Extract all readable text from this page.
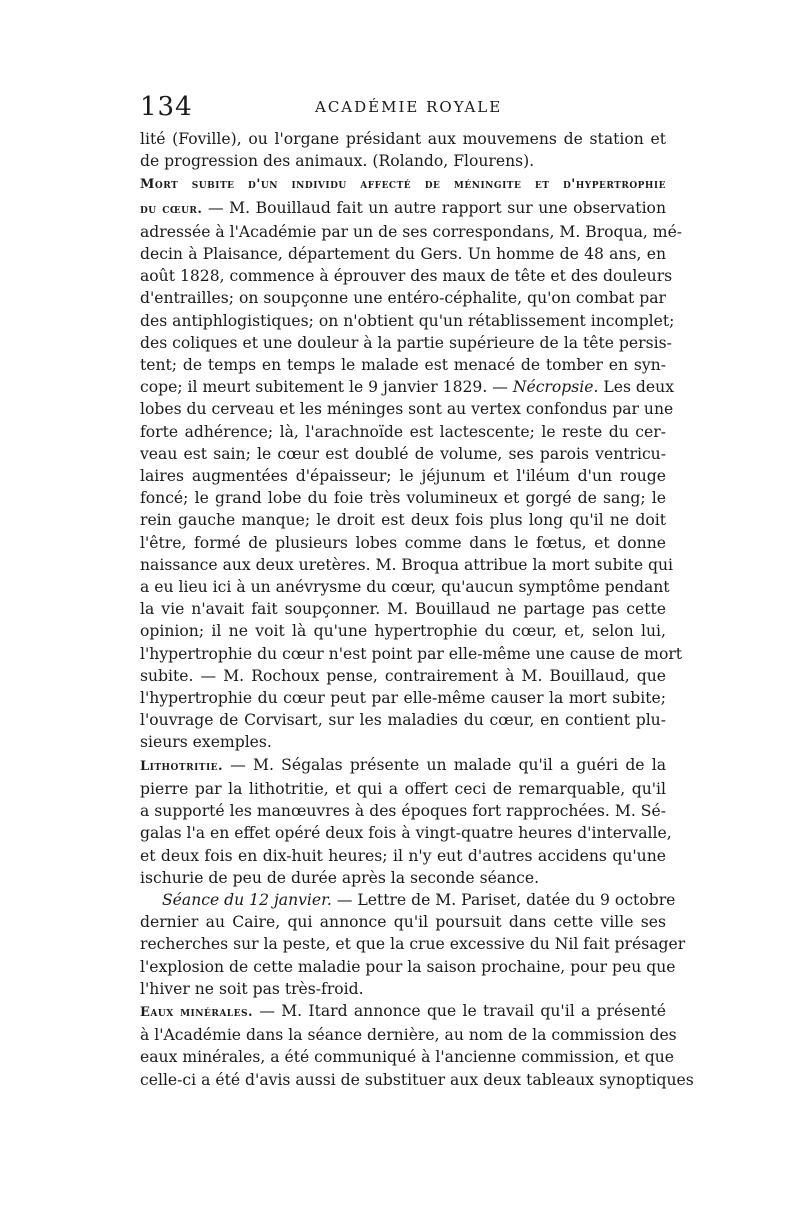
134	ACADÉMIE ROYALE
lité (Foville), ou l'organe présidant aux mouvemens de station et
de progression des animaux. (Rolando, Flourens).
Mort subite d'un individu affecté de méningite et d'hypertrophie
du cœur. — M. Bouillaud fait un autre rapport sur une observation
adressée à l'Académie par un de ses correspondans, M. Broqua, mé-
decin à Plaisance, département du Gers. Un homme de 48 ans, en
août 1828, commence à éprouver des maux de tête et des douleurs
d'entrailles; on soupçonne une entéro-céphalite, qu'on combat par
des antiphlogistiques; on n'obtient qu'un rétablissement incomplet;
des coliques et une douleur à la partie supérieure de la tête persis-
tent; de temps en temps le malade est menacé de tomber en syn-
cope; il meurt subitement le 9 janvier 1829. — Nécropsie. Les deux
lobes du cerveau et les méninges sont au vertex confondus par une
forte adhérence; là, l'arachnoïde est lactescente; le reste du cer-
veau est sain; le cœur est doublé de volume, ses parois ventricu-
laires augmentées d'épaisseur; le jéjunum et l'iléum d'un rouge
foncé; le grand lobe du foie très volumineux et gorgé de sang; le
rein gauche manque; le droit est deux fois plus long qu'il ne doit
l'être, formé de plusieurs lobes comme dans le fœtus, et donne
naissance aux deux uretères. M. Broqua attribue la mort subite qui
a eu lieu ici à un anévrysme du cœur, qu'aucun symptôme pendant
la vie n'avait fait soupçonner. M. Bouillaud ne partage pas cette
opinion; il ne voit là qu'une hypertrophie du cœur, et, selon lui,
l'hypertrophie du cœur n'est point par elle-même une cause de mort
subite. — M. Rochoux pense, contrairement à M. Bouillaud, que
l'hypertrophie du cœur peut par elle-même causer la mort subite;
l'ouvrage de Corvisart, sur les maladies du cœur, en contient plu-
sieurs exemples.
Lithotritie. — M. Ségalas présente un malade qu'il a guéri de la
pierre par la lithotritie, et qui a offert ceci de remarquable, qu'il
a supporté les manœuvres à des époques fort rapprochées. M. Sé-
galas l'a en effet opéré deux fois à vingt-quatre heures d'intervalle,
et deux fois en dix-huit heures; il n'y eut d'autres accidens qu'une
ischurie de peu de durée après la seconde séance.
Séance du 12 janvier. — Lettre de M. Pariset, datée du 9 octobre
dernier au Caire, qui annonce qu'il poursuit dans cette ville ses
recherches sur la peste, et que la crue excessive du Nil fait présager
l'explosion de cette maladie pour la saison prochaine, pour peu que
l'hiver ne soit pas très-froid.
Eaux minérales. — M. Itard annonce que le travail qu'il a présenté
à l'Académie dans la séance dernière, au nom de la commission des
eaux minérales, a été communiqué à l'ancienne commission, et que
celle-ci a été d'avis aussi de substituer aux deux tableaux synoptiques
